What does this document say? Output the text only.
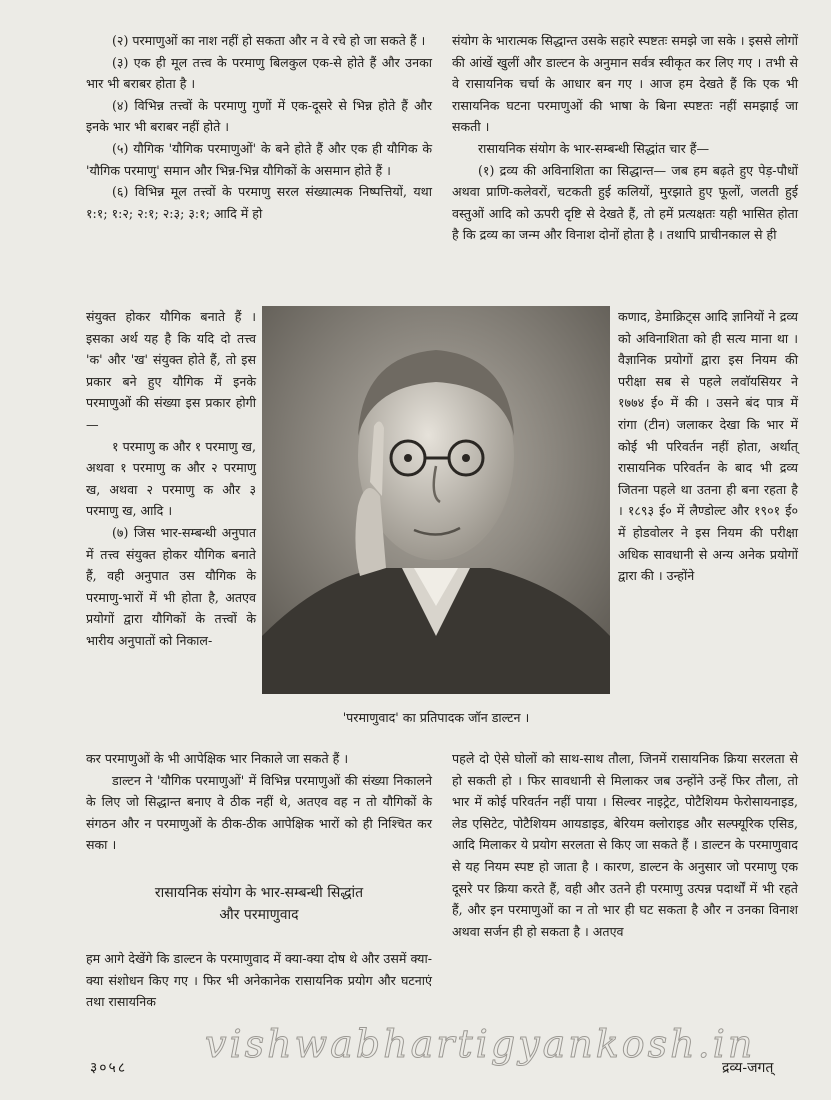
(२) परमाणुओं का नाश नहीं हो सकता और न वे रचे हो जा सकते हैं ।

(३) एक ही मूल तत्त्व के परमाणु बिलकुल एक-से होते हैं और उनका भार भी बराबर होता है ।

(४) विभिन्न तत्त्वों के परमाणु गुणों में एक-दूसरे से भिन्न होते हैं और इनके भार भी बराबर नहीं होते ।

(५) यौगिक 'यौगिक परमाणुओं' के बने होते हैं और एक ही यौगिक के 'यौगिक परमाणु' समान और भिन्न-भिन्न यौगिकों के असमान होते हैं ।

(६) विभिन्न मूल तत्त्वों के परमाणु सरल संख्यात्मक निष्पत्तियों, यथा १:१; १:२; २:१; २:३; ३:१; आदि में हो

संयुक्त होकर यौगिक बनाते हैं । इसका अर्थ यह है कि यदि दो तत्त्व 'क' और 'ख' संयुक्त होते हैं, तो इस प्रकार बने हुए यौगिक में इनके परमाणुओं की संख्या इस प्रकार होगी—

१ परमाणु क और १ परमाणु ख, अथवा १ परमाणु क और २ परमाणु ख, अथवा २ परमाणु क और ३ परमाणु ख, आदि ।

(७) जिस भार-सम्बन्धी अनुपात में तत्त्व संयुक्त होकर यौगिक बनाते हैं, वही अनुपात उस यौगिक के परमाणु-भारों में भी होता है, अतएव प्रयोगों द्वारा यौगिकों के तत्त्वों के भारीय अनुपातों को निकाल-

संयोग के भारात्मक सिद्धान्त उसके सहारे स्पष्टतः समझे जा सके । इससे लोगों की आंखें खुलीं और डाल्टन के अनुमान सर्वत्र स्वीकृत कर लिए गए । तभी से वे रासायनिक चर्चा के आधार बन गए । आज हम देखते हैं कि एक भी रासायनिक घटना परमाणुओं की भाषा के बिना स्पष्टतः नहीं समझाई जा सकती ।

रासायनिक संयोग के भार-सम्बन्धी सिद्धांत चार हैं—

(१) द्रव्य की अविनाशिता का सिद्धान्त— जब हम बढ़ते हुए पेड़-पौधों अथवा प्राणि-कलेवरों, चटकती हुई कलियों, मुरझाते हुए फूलों, जलती हुई वस्तुओं आदि को ऊपरी दृष्टि से देखते हैं, तो हमें प्रत्यक्षतः यही भासित होता है कि द्रव्य का जन्म और विनाश दोनों होता है । तथापि प्राचीनकाल से ही

कणाद, डेमाक्रिट्स आदि ज्ञानियों ने द्रव्य को अविनाशिता को ही सत्य माना था । वैज्ञानिक प्रयोगों द्वारा इस नियम की परीक्षा सब से पहले लवाॅयसियर ने १७७४ ई० में की । उसने बंद पात्र में रांगा (टीन) जलाकर देखा कि भार में कोई भी परिवर्तन नहीं होता, अर्थात् रासायनिक परिवर्तन के बाद भी द्रव्य जितना पहले था उतना ही बना रहता है । १८९३ ई० में लैण्डोल्ट और १९०१ ई० में होडवोलर ने इस नियम की परीक्षा अधिक सावधानी से अन्य अनेक प्रयोगों द्वारा की । उन्होंने

'परमाणुवाद' का प्रतिपादक जॉन डाल्टन ।

कर परमाणुओं के भी आपेक्षिक भार निकाले जा सकते हैं ।

डाल्टन ने 'यौगिक परमाणुओं' में विभिन्न परमाणुओं की संख्या निकालने के लिए जो सिद्धान्त बनाए वे ठीक नहीं थे, अतएव वह न तो यौगिकों के संगठन और न परमाणुओं के ठीक-ठीक आपेक्षिक भारों को ही निश्चित कर सका ।

रासायनिक संयोग के भार-सम्बन्धी सिद्धांत

और परमाणुवाद

हम आगे देखेंगे कि डाल्टन के परमाणुवाद में क्या-क्या दोष थे और उसमें क्या-क्या संशोधन किए गए । फिर भी अनेकानेक रासायनिक प्रयोग और घटनाएं तथा रासायनिक

पहले दो ऐसे घोलों को साथ-साथ तौला, जिनमें रासायनिक क्रिया सरलता से हो सकती हो । फिर सावधानी से मिलाकर जब उन्होंने उन्हें फिर तौला, तो भार में कोई परिवर्तन नहीं पाया । सिल्वर नाइट्रेट, पोटैशियम फेरोसायनाइड, लेड एसिटेट, पोटैशियम आयडाइड, बेरियम क्लोराइड और सल्फ्यूरिक एसिड, आदि मिलाकर ये प्रयोग सरलता से किए जा सकते हैं । डाल्टन के परमाणुवाद से यह नियम स्पष्ट हो जाता है । कारण, डाल्टन के अनुसार जो परमाणु एक दूसरे पर क्रिया करते हैं, वही और उतने ही परमाणु उत्पन्न पदार्थों में भी रहते हैं, और इन परमाणुओं का न तो भार ही घट सकता है और न उनका विनाश अथवा सर्जन ही हो सकता है । अतएव

३०५८	द्रव्य-जगत्
vishwabhartigyankosh.in
